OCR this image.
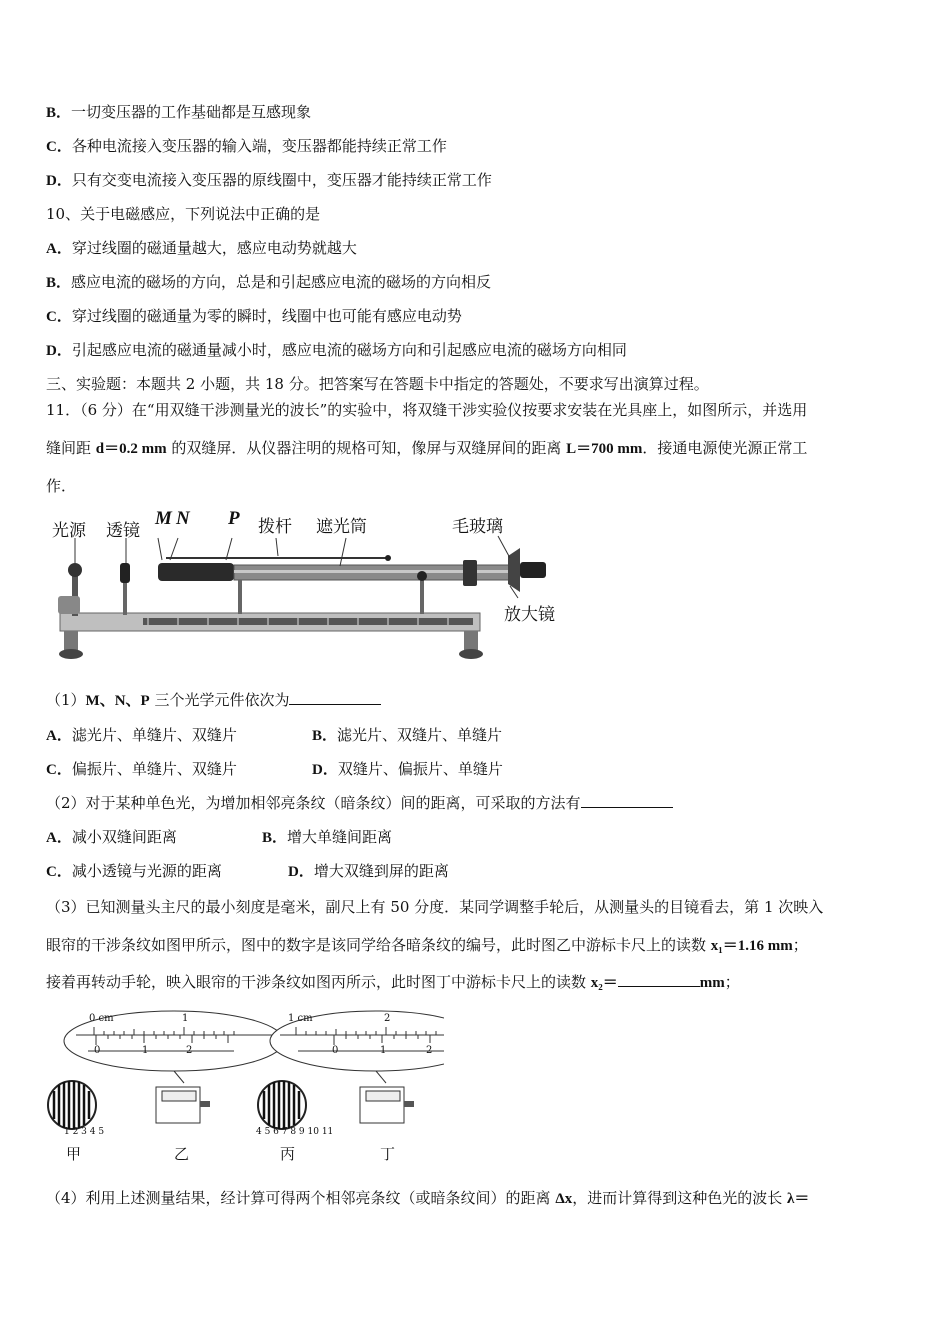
B．一切变压器的工作基础都是互感现象
C．各种电流接入变压器的输入端，变压器都能持续正常工作
D．只有交变电流接入变压器的原线圈中，变压器才能持续正常工作
10、关于电磁感应，下列说法中正确的是
A．穿过线圈的磁通量越大，感应电动势就越大
B．感应电流的磁场的方向，总是和引起感应电流的磁场的方向相反
C．穿过线圈的磁通量为零的瞬时，线圈中也可能有感应电动势
D．引起感应电流的磁通量减小时，感应电流的磁场方向和引起感应电流的磁场方向相同
三、实验题：本题共 2 小题，共 18 分。把答案写在答题卡中指定的答题处，不要求写出演算过程。
11．（6 分）在“用双缝干涉测量光的波长”的实验中，将双缝干涉实验仪按要求安装在光具座上，如图所示，并选用
缝间距 d＝0.2 mm 的双缝屏．从仪器注明的规格可知，像屏与双缝屏间的距离 L＝700 mm．接通电源使光源正常工
作．
光源 透镜
M N P 拨杆 遮光筒	毛玻璃
放大镜
（1）M、N、P 三个光学元件依次为
A．滤光片、单缝片、双缝片	B．滤光片、双缝片、单缝片
C．偏振片、单缝片、双缝片	D．双缝片、偏振片、单缝片
（2）对于某种单色光，为增加相邻亮条纹（暗条纹）间的距离，可采取的方法有
A．减小双缝间距离	B．增大单缝间距离
C．减小透镜与光源的距离	D．增大双缝到屏的距离
（3）已知测量头主尺的最小刻度是毫米，副尺上有 50 分度．某同学调整手轮后，从测量头的目镜看去，第 1 次映入
眼帘的干涉条纹如图甲所示，图中的数字是该同学给各暗条纹的编号，此时图乙中游标卡尺上的读数 x₁＝1.16 mm；
接着再转动手轮，映入眼帘的干涉条纹如图丙所示，此时图丁中游标卡尺上的读数 x₂＝	mm；
0 cm	1
0	1	2
1 cm	2
0	1	2
1 2 3 4 5	4 5 6 7 8 9 10 11
甲	乙	丙	丁
（4）利用上述测量结果，经计算可得两个相邻亮条纹（或暗条纹间）的距离 Δx，进而计算得到这种色光的波长 λ＝
